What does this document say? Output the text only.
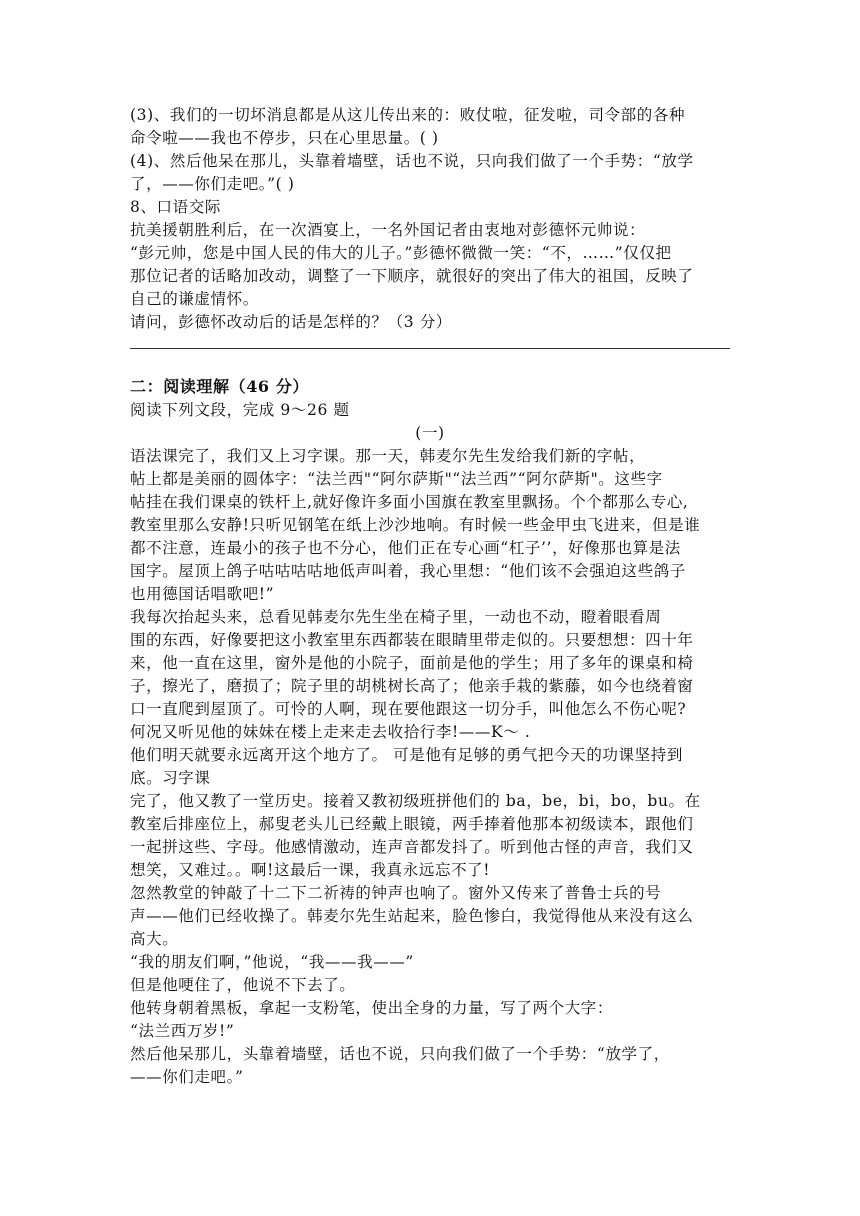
(3)、我们的一切坏消息都是从这儿传出来的：败仗啦，征发啦，司令部的各种
命令啦——我也不停步，只在心里思量。( )
(4)、然后他呆在那儿，头靠着墙壁，话也不说，只向我们做了一个手势：“放学
了，——你们走吧。”( )
8、口语交际
抗美援朝胜利后，在一次酒宴上，一名外国记者由衷地对彭德怀元帅说：
“彭元帅，您是中国人民的伟大的儿子。”彭德怀微微一笑：“不，……”仅仅把
那位记者的话略加改动，调整了一下顺序，就很好的突出了伟大的祖国，反映了
自己的谦虚情怀。
请问，彭德怀改动后的话是怎样的？（3 分）
二：阅读理解（46 分）
阅读下列文段，完成 9～26 题
(一)
语法课完了，我们又上习字课。那一天，韩麦尔先生发给我们新的字帖，
帖上都是美丽的圆体字：“法兰西"“阿尔萨斯"“法兰西”“阿尔萨斯"。这些字
帖挂在我们课桌的铁杆上,就好像许多面小国旗在教室里飘扬。个个都那么专心,
教室里那么安静!只听见钢笔在纸上沙沙地响。有时候一些金甲虫飞进来，但是谁
都不注意，连最小的孩子也不分心，他们正在专心画“杠子’’，好像那也算是法
国字。屋顶上鸽子咕咕咕咕地低声叫着，我心里想：“他们该不会强迫这些鸽子
也用德国话唱歌吧!”
我每次抬起头来，总看见韩麦尔先生坐在椅子里，一动也不动，瞪着眼看周
围的东西，好像要把这小教室里东西都装在眼睛里带走似的。只要想想：四十年
来，他一直在这里，窗外是他的小院子，面前是他的学生；用了多年的课桌和椅
子，擦光了，磨损了；院子里的胡桃树长高了；他亲手栽的紫藤，如今也绕着窗
口一直爬到屋顶了。可怜的人啊，现在要他跟这一切分手，叫他怎么不伤心呢?
何况又听见他的妹妹在楼上走来走去收拾行李!——K～ .
他们明天就要永远离开这个地方了。 可是他有足够的勇气把今天的功课坚持到
底。习字课
完了，他又教了一堂历史。接着又教初级班拼他们的 ba，be，bi，bo，bu。在
教室后排座位上，郝叟老头儿已经戴上眼镜，两手捧着他那本初级读本，跟他们
一起拼这些、字母。他感情激动，连声音都发抖了。听到他古怪的声音，我们又
想笑，又难过。。啊!这最后一课，我真永远忘不了!
忽然教堂的钟敲了十二下二祈祷的钟声也响了。窗外又传来了普鲁士兵的号
声——他们已经收操了。韩麦尔先生站起来，脸色惨白，我觉得他从来没有这么
高大。
“我的朋友们啊，”他说，“我——我——”
但是他哽住了，他说不下去了。
他转身朝着黑板，拿起一支粉笔，使出全身的力量，写了两个大字：
“法兰西万岁!”
然后他呆那儿，头靠着墙壁，话也不说，只向我们做了一个手势：“放学了，
——你们走吧。”
